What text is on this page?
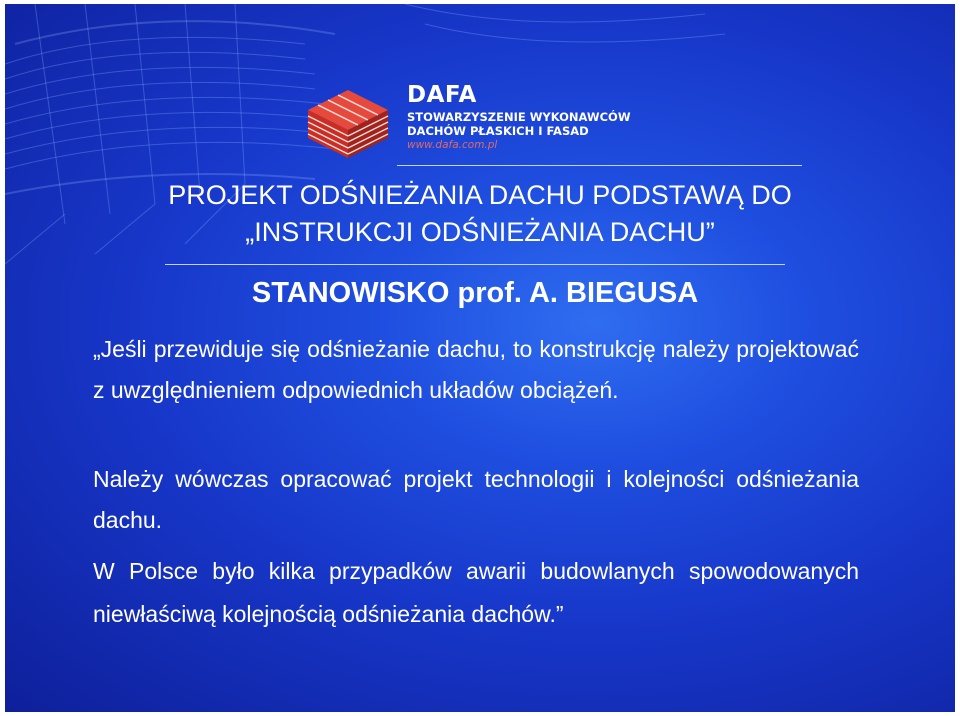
DAFA

STOWARZYSZENIE WYKONAWCÓW
DACHÓW PŁASKICH I FASAD
www.dafa.com.pl
PROJEKT ODŚNIEŻANIA DACHU PODSTAWĄ DO
„INSTRUKCJI ODŚNIEŻANIA DACHU”
STANOWISKO prof. A. BIEGUSA

„Jeśli przewiduje się odśnieżanie dachu, to konstrukcję należy projektować z uwzględnieniem odpowiednich układów obciążeń.

Należy wówczas opracować projekt technologii i kolejności odśnieżania dachu.

W Polsce było kilka przypadków awarii budowlanych spowodowanych niewłaściwą kolejnością odśnieżania dachów.”
